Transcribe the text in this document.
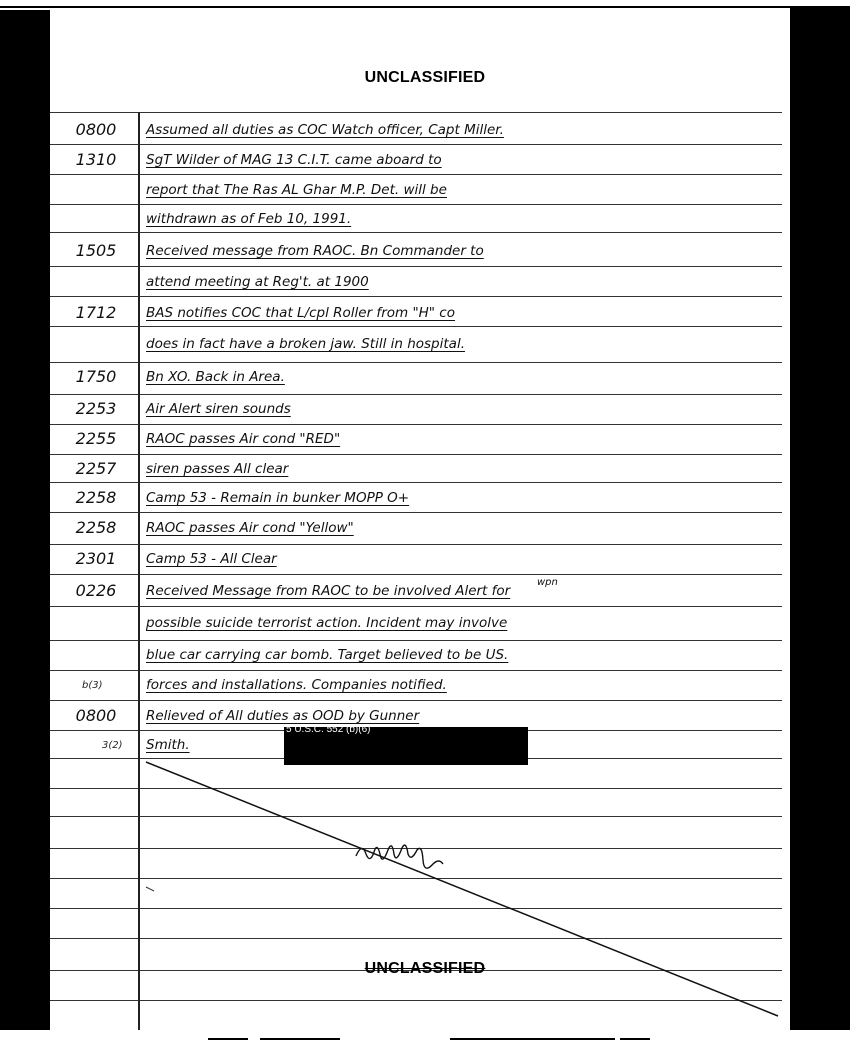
UNCLASSIFIED
0800	Assumed all duties as COC Watch officer, Capt Miller.
1310	SgT Wilder of MAG 13 C.I.T. came aboard to
report that The Ras AL Ghar M.P. Det. will be
withdrawn as of Feb 10, 1991.
1505	Received message from RAOC. Bn Commander to
attend meeting at Reg't. at 1900
1712	BAS notifies COC that L/cpl Roller from "H" co
does in fact have a broken jaw. Still in hospital.
1750	Bn XO. Back in Area.
2253	Air Alert siren sounds
2255	RAOC passes Air cond "RED"
2257	siren passes All clear
2258	Camp 53 - Remain in bunker MOPP O+
2258	RAOC passes Air cond "Yellow"
2301	Camp 53 - All Clear
0226	Received Message from RAOC to be involved Alert for
possible suicide terrorist action. Incident may involve
blue car carrying car bomb. Target believed to be US.
forces and installations. Companies notified.
0800	Relieved of All duties as OOD by Gunner
Smith.
wpn
3(2)
b(3)
5 U.S.C. 552 (b)(6)
UNCLASSIFIED
